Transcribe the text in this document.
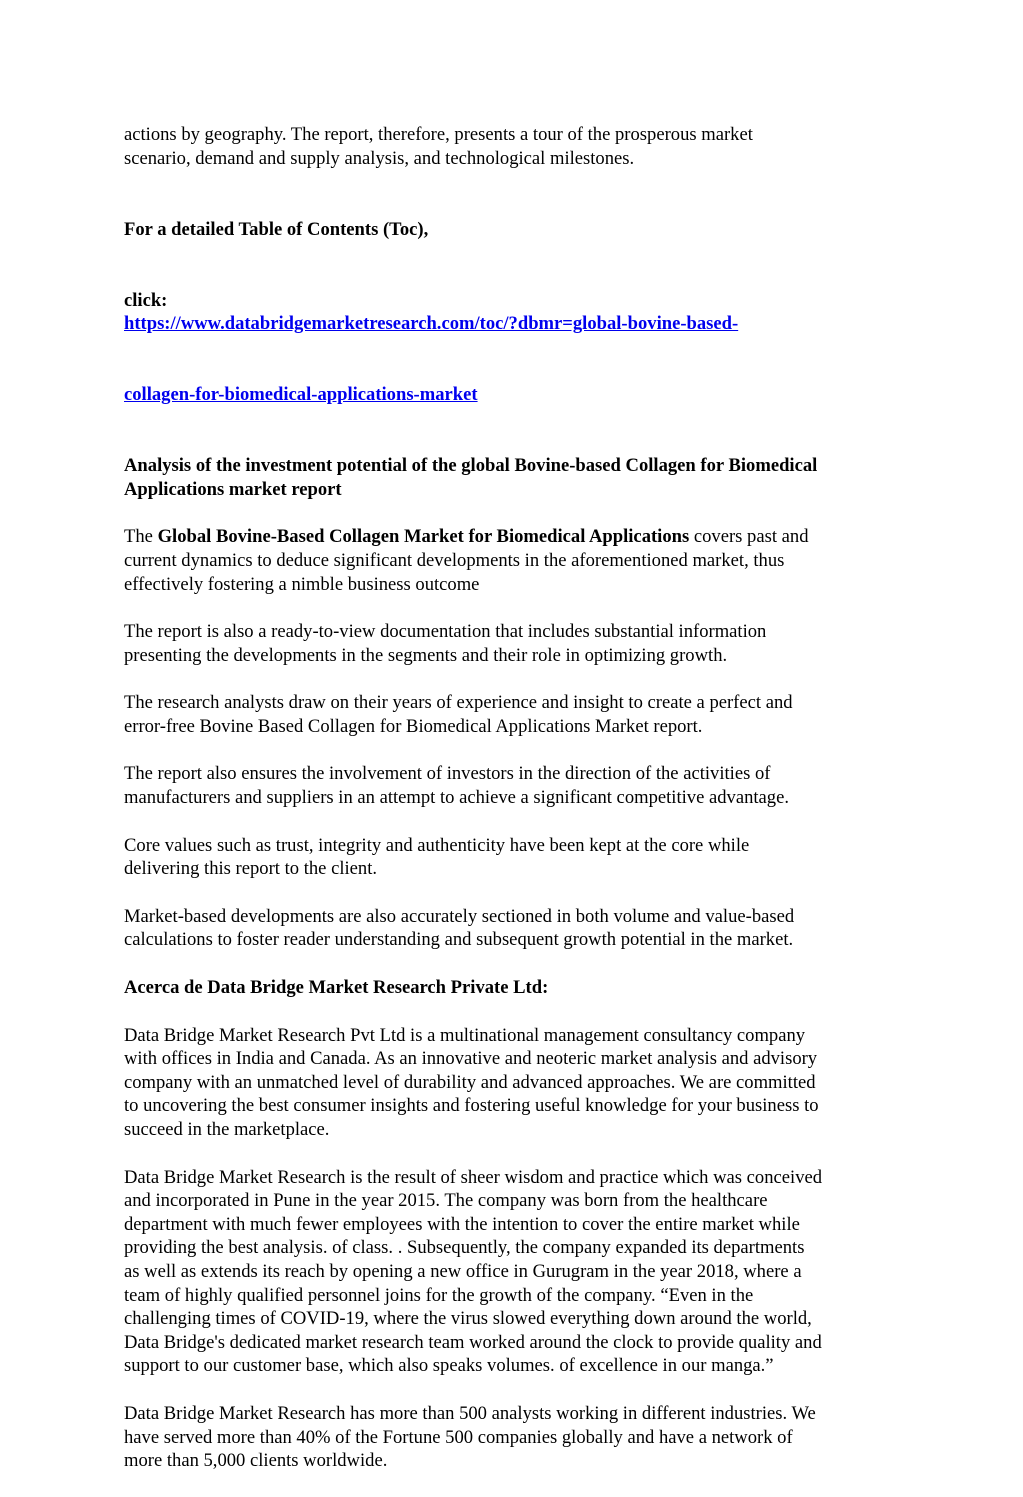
actions by geography. The report, therefore, presents a tour of the prosperous market
scenario, demand and supply analysis, and technological milestones.

For a detailed Table of Contents (Toc),

click:
https://www.databridgemarketresearch.com/toc/?dbmr=global-bovine-based-

collagen-for-biomedical-applications-market

Analysis of the investment potential of the global Bovine-based Collagen for Biomedical
Applications market report

The Global Bovine-Based Collagen Market for Biomedical Applications covers past and
current dynamics to deduce significant developments in the aforementioned market, thus
effectively fostering a nimble business outcome

The report is also a ready-to-view documentation that includes substantial information
presenting the developments in the segments and their role in optimizing growth.

The research analysts draw on their years of experience and insight to create a perfect and
error-free Bovine Based Collagen for Biomedical Applications Market report.

The report also ensures the involvement of investors in the direction of the activities of
manufacturers and suppliers in an attempt to achieve a significant competitive advantage.

Core values such as trust, integrity and authenticity have been kept at the core while
delivering this report to the client.

Market-based developments are also accurately sectioned in both volume and value-based
calculations to foster reader understanding and subsequent growth potential in the market.

Acerca de Data Bridge Market Research Private Ltd:

Data Bridge Market Research Pvt Ltd is a multinational management consultancy company
with offices in India and Canada. As an innovative and neoteric market analysis and advisory
company with an unmatched level of durability and advanced approaches. We are committed
to uncovering the best consumer insights and fostering useful knowledge for your business to
succeed in the marketplace.

Data Bridge Market Research is the result of sheer wisdom and practice which was conceived
and incorporated in Pune in the year 2015. The company was born from the healthcare
department with much fewer employees with the intention to cover the entire market while
providing the best analysis. of class. . Subsequently, the company expanded its departments
as well as extends its reach by opening a new office in Gurugram in the year 2018, where a
team of highly qualified personnel joins for the growth of the company. “Even in the
challenging times of COVID-19, where the virus slowed everything down around the world,
Data Bridge's dedicated market research team worked around the clock to provide quality and
support to our customer base, which also speaks volumes. of excellence in our manga.”

Data Bridge Market Research has more than 500 analysts working in different industries. We
have served more than 40% of the Fortune 500 companies globally and have a network of
more than 5,000 clients worldwide.
